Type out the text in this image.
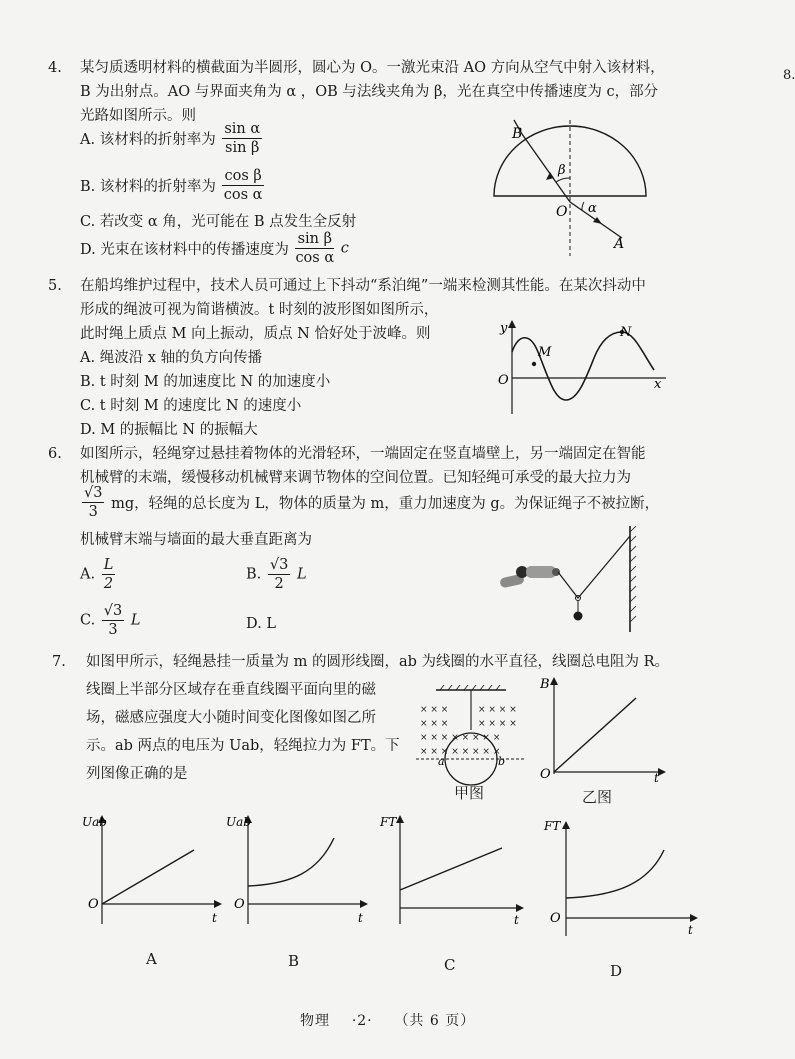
8.
4. 某匀质透明材料的横截面为半圆形，圆心为 O。一激光束沿 AO 方向从空气中射入该材料，
B 为出射点。AO 与界面夹角为 α ，OB 与法线夹角为 β，光在真空中传播速度为 c，部分
光路如图所示。则
A. 该材料的折射率为 $\frac{\text{sin α}}{\text{sin β}}$
B. 该材料的折射率为 $\frac{\text{cos β}}{\text{cos α}}$
C. 若改变 α 角，光可能在 B 点发生全反射
D. 光束在该材料中的传播速度为 $\frac{\text{sin β}}{\text{cos α}}$ c
B
β
O α
A
5. 在船坞维护过程中，技术人员可通过上下抖动“系泊绳”一端来检测其性能。在某次抖动中
形成的绳波可视为简谐横波。t 时刻的波形图如图所示，
此时绳上质点 M 向上振动，质点 N 恰好处于波峰。则
A. 绳波沿 x 轴的负方向传播
B. t 时刻 M 的加速度比 N 的加速度小
C. t 时刻 M 的速度比 N 的速度小
D. M 的振幅比 N 的振幅大
y
O	x
M
N
6. 如图所示，轻绳穿过悬挂着物体的光滑轻环，一端固定在竖直墙壁上，另一端固定在智能
机械臂的末端，缓慢移动机械臂来调节物体的空间位置。已知轻绳可承受的最大拉力为
$\frac{√3}{3}$ mg，轻绳的总长度为 L，物体的质量为 m，重力加速度为 g。为保证绳子不被拉断，
机械臂末端与墙面的最大垂直距离为
A. $\frac{L}{2}$	B. $\frac{√3}{2}$ L
C. $\frac{√3}{3}$ L	D. L
7. 如图甲所示，轻绳悬挂一质量为 m 的圆形线圈，ab 为线圈的水平直径，线圈总电阻为 R。
线圈上半部分区域存在垂直线圈平面向里的磁
场，磁感应强度大小随时间变化图像如图乙所
示。ab 两点的电压为 Uab，轻绳拉力为 FT。下
列图像正确的是
× × ×	× × × ×
× × ×	× × × ×
× × × × × × × ×
× × × × × × × ×
a	b
甲图
B
O	t
乙图
Uab
O
t
A
Uab
O
t
B
FT
t
C
FT
O
t
D
物理 ·2· （共 6 页）
